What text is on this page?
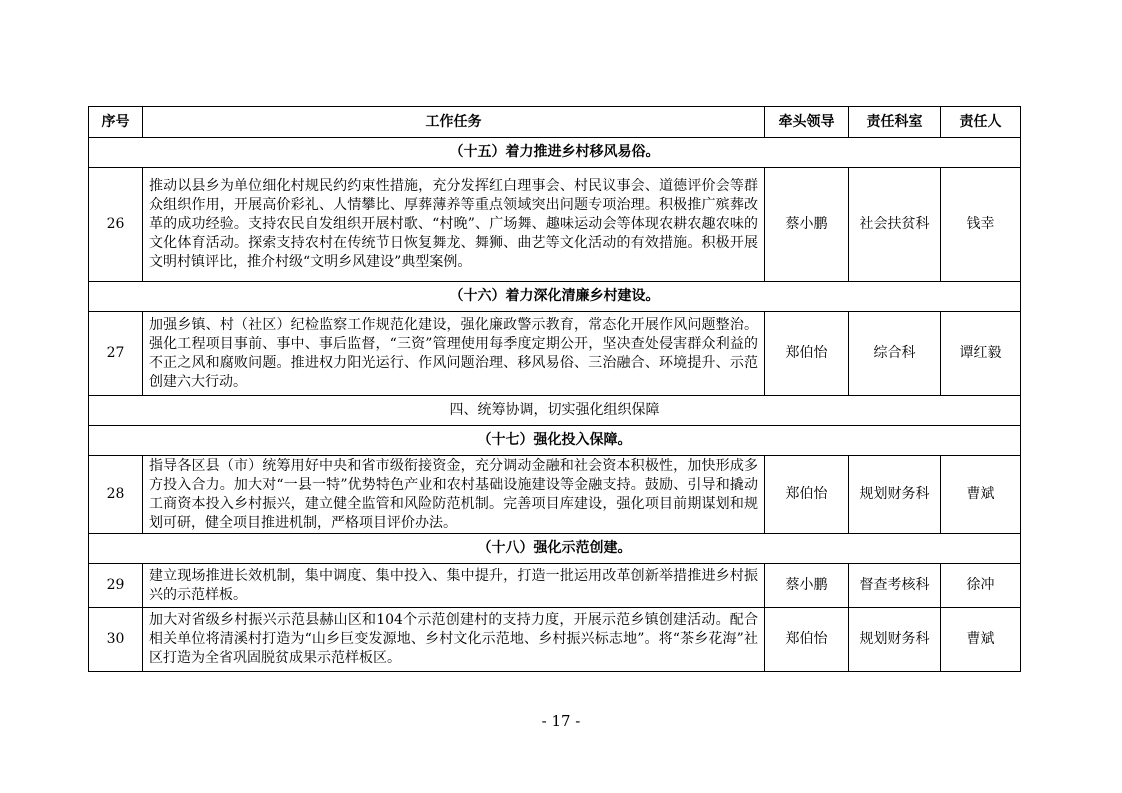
序号	工作任务	牵头领导	责任科室	责任人
（十五）着力推进乡村移风易俗。				
26	推动以县乡为单位细化村规民约约束性措施，充分发挥红白理事会、村民议事会、道德评价会等群众组织作用，开展高价彩礼、人情攀比、厚葬薄养等重点领域突出问题专项治理。积极推广殡葬改革的成功经验。支持农民自发组织开展村歌、“村晚”、广场舞、趣味运动会等体现农耕农趣农味的文化体育活动。探索支持农村在传统节日恢复舞龙、舞狮、曲艺等文化活动的有效措施。积极开展文明村镇评比，推介村级“文明乡风建设”典型案例。	蔡小鹏	社会扶贫科	钱幸
（十六）着力深化清廉乡村建设。				
27	加强乡镇、村（社区）纪检监察工作规范化建设，强化廉政警示教育，常态化开展作风问题整治。强化工程项目事前、事中、事后监督，“三资”管理使用每季度定期公开，坚决查处侵害群众利益的不正之风和腐败问题。推进权力阳光运行、作风问题治理、移风易俗、三治融合、环境提升、示范创建六大行动。	郑伯怡	综合科	谭红毅
四、统筹协调，切实强化组织保障				
（十七）强化投入保障。				
28	指导各区县（市）统筹用好中央和省市级衔接资金，充分调动金融和社会资本积极性，加快形成多方投入合力。加大对“一县一特”优势特色产业和农村基础设施建设等金融支持。鼓励、引导和撬动工商资本投入乡村振兴，建立健全监管和风险防范机制。完善项目库建设，强化项目前期谋划和规划可研，健全项目推进机制，严格项目评价办法。	郑伯怡	规划财务科	曹斌
（十八）强化示范创建。				
29	建立现场推进长效机制，集中调度、集中投入、集中提升，打造一批运用改革创新举措推进乡村振兴的示范样板。	蔡小鹏	督查考核科	徐冲
30	加大对省级乡村振兴示范县赫山区和104个示范创建村的支持力度，开展示范乡镇创建活动。配合相关单位将清溪村打造为“山乡巨变发源地、乡村文化示范地、乡村振兴标志地”。将“茶乡花海”社区打造为全省巩固脱贫成果示范样板区。	郑伯怡	规划财务科	曹斌
- 17 -
